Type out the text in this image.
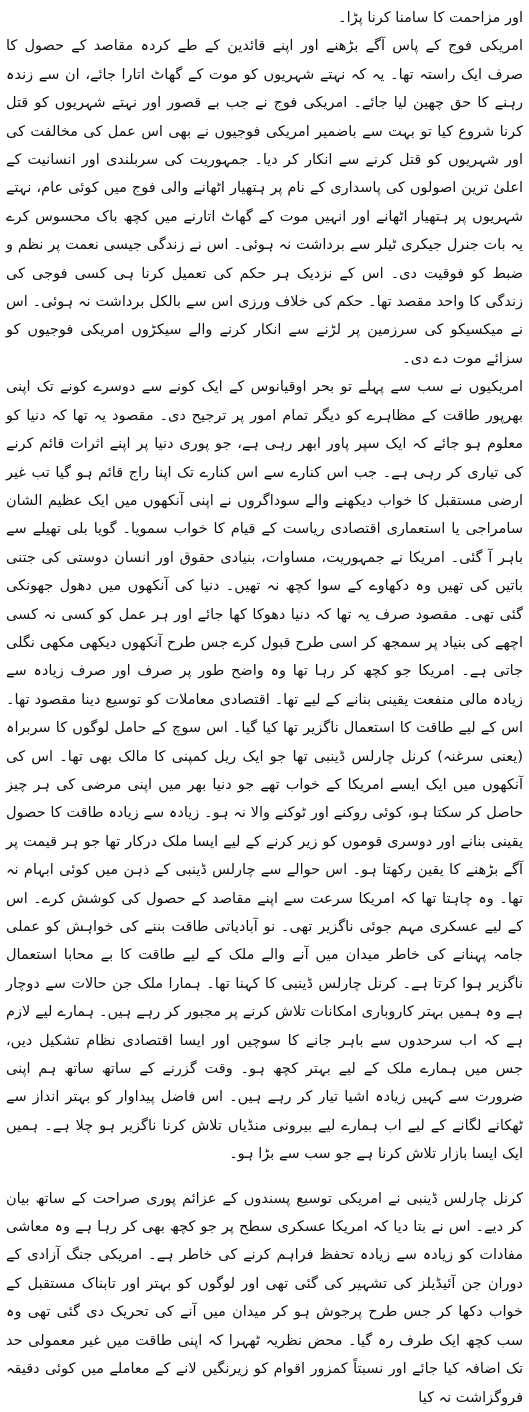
اور مزاحمت کا سامنا کرنا پڑا۔

امریکی فوج کے پاس آگے بڑھنے اور اپنے قائدین کے طے کردہ مقاصد کے حصول کا صرف ایک راستہ تھا۔ یہ کہ نہتے شہریوں کو موت کے گھاٹ اتارا جائے، ان سے زندہ رہنے کا حق چھین لیا جائے۔ امریکی فوج نے جب بے قصور اور نہتے شہریوں کو قتل کرنا شروع کیا تو بہت سے باضمیر امریکی فوجیوں نے بھی اس عمل کی مخالفت کی اور شہریوں کو قتل کرنے سے انکار کر دیا۔ جمہوریت کی سربلندی اور انسانیت کے اعلیٰ ترین اصولوں کی پاسداری کے نام پر ہتھیار اٹھانے والی فوج میں کوئی عام، نہتے شہریوں پر ہتھیار اٹھانے اور انہیں موت کے گھاٹ اتارنے میں کچھ باک محسوس کرے یہ بات جنرل جیکری ٹیلر سے برداشت نہ ہوئی۔ اس نے زندگی جیسی نعمت پر نظم و ضبط کو فوقیت دی۔ اس کے نزدیک ہر حکم کی تعمیل کرنا ہی کسی فوجی کی زندگی کا واحد مقصد تھا۔ حکم کی خلاف ورزی اس سے بالکل برداشت نہ ہوئی۔ اس نے میکسیکو کی سرزمین پر لڑنے سے انکار کرنے والے سیکڑوں امریکی فوجیوں کو سزائے موت دے دی۔

امریکیوں نے سب سے پہلے تو بحر اوقیانوس کے ایک کونے سے دوسرے کونے تک اپنی بھرپور طاقت کے مظاہرے کو دیگر تمام امور پر ترجیح دی۔ مقصود یہ تھا کہ دنیا کو معلوم ہو جائے کہ ایک سپر پاور ابھر رہی ہے، جو پوری دنیا پر اپنے اثرات قائم کرنے کی تیاری کر رہی ہے۔ جب اس کنارے سے اس کنارے تک اپنا راج قائم ہو گیا تب غیر ارضی مستقبل کا خواب دیکھنے والے سوداگروں نے اپنی آنکھوں میں ایک عظیم الشان سامراجی یا استعماری اقتصادی ریاست کے قیام کا خواب سمویا۔ گویا بلی تھیلے سے باہر آ گئی۔ امریکا نے جمہوریت، مساوات، بنیادی حقوق اور انسان دوستی کی جتنی باتیں کی تھیں وہ دکھاوے کے سوا کچھ نہ تھیں۔ دنیا کی آنکھوں میں دھول جھونکی گئی تھی۔ مقصود صرف یہ تھا کہ دنیا دھوکا کھا جائے اور ہر عمل کو کسی نہ کسی اچھے کی بنیاد پر سمجھ کر اسی طرح قبول کرے جس طرح آنکھوں دیکھی مکھی نگلی جاتی ہے۔ امریکا جو کچھ کر رہا تھا وہ واضح طور پر صرف اور صرف زیادہ سے زیادہ مالی منفعت یقینی بنانے کے لیے تھا۔ اقتصادی معاملات کو توسیع دینا مقصود تھا۔ اس کے لیے طاقت کا استعمال ناگزیر تھا کیا گیا۔ اس سوچ کے حامل لوگوں کا سربراہ (یعنی سرغنہ) کرنل چارلس ڈینبی تھا جو ایک ریل کمپنی کا مالک بھی تھا۔ اس کی آنکھوں میں ایک ایسے امریکا کے خواب تھے جو دنیا بھر میں اپنی مرضی کی ہر چیز حاصل کر سکتا ہو، کوئی روکنے اور ٹوکنے والا نہ ہو۔ زیادہ سے زیادہ طاقت کا حصول یقینی بنانے اور دوسری قوموں کو زیر کرنے کے لیے ایسا ملک درکار تھا جو ہر قیمت پر آگے بڑھنے کا یقین رکھتا ہو۔ اس حوالے سے چارلس ڈینبی کے ذہن میں کوئی ابہام نہ تھا۔ وہ چاہتا تھا کہ امریکا سرعت سے اپنے مقاصد کے حصول کی کوشش کرے۔ اس کے لیے عسکری مہم جوئی ناگزیر تھی۔ نو آبادیاتی طاقت بننے کی خواہش کو عملی جامہ پہنانے کی خاطر میدان میں آنے والے ملک کے لیے طاقت کا بے محابا استعمال ناگزیر ہوا کرتا ہے۔ کرنل چارلس ڈینبی کا کہنا تھا۔ ہمارا ملک جن حالات سے دوچار ہے وہ ہمیں بہتر کاروباری امکانات تلاش کرنے پر مجبور کر رہے ہیں۔ ہمارے لیے لازم ہے کہ اب سرحدوں سے باہر جانے کا سوچیں اور ایسا اقتصادی نظام تشکیل دیں، جس میں ہمارے ملک کے لیے بہتر کچھ ہو۔ وقت گزرنے کے ساتھ ساتھ ہم اپنی ضرورت سے کہیں زیادہ اشیا تیار کر رہے ہیں۔ اس فاضل پیداوار کو بہتر انداز سے ٹھکانے لگانے کے لیے اب ہمارے لیے بیرونی منڈیاں تلاش کرنا ناگزیر ہو چلا ہے۔ ہمیں ایک ایسا بازار تلاش کرنا ہے جو سب سے بڑا ہو۔

کرنل چارلس ڈینبی نے امریکی توسیع پسندوں کے عزائم پوری صراحت کے ساتھ بیان کر دیے۔ اس نے بتا دیا کہ امریکا عسکری سطح پر جو کچھ بھی کر رہا ہے وہ معاشی مفادات کو زیادہ سے زیادہ تحفظ فراہم کرنے کی خاطر ہے۔ امریکی جنگ آزادی کے دوران جن آئیڈیلز کی تشہیر کی گئی تھی اور لوگوں کو بہتر اور تابناک مستقبل کے خواب دکھا کر جس طرح پرجوش ہو کر میدان میں آنے کی تحریک دی گئی تھی وہ سب کچھ ایک طرف رہ گیا۔ محض نظریہ ٹھہرا کہ اپنی طاقت میں غیر معمولی حد تک اضافہ کیا جائے اور نسبتاً کمزور اقوام کو زیرنگیں لانے کے معاملے میں کوئی دقیقہ فروگزاشت نہ کیا
